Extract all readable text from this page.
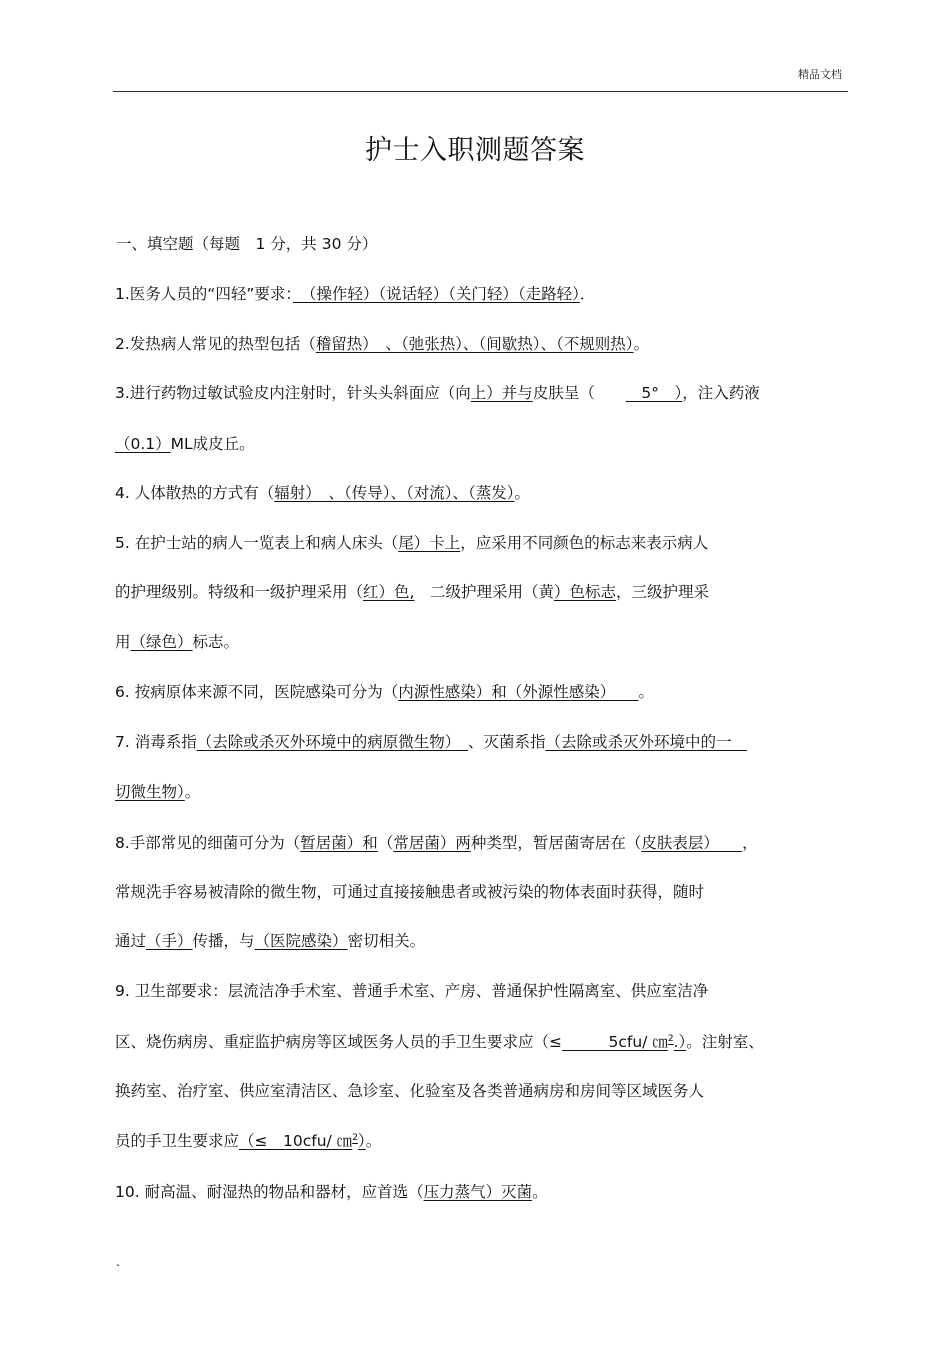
精品文档
护士入职测题答案
一、填空题（每题　1 分，共 30 分）
1.医务人员的“四轻”要求：　（操作轻）（说话轻）（关门轻）（走路轻）．
2.发热病人常见的热型包括（稽留热）　、（弛张热）、（间歇热）、（不规则热）。
3.进行药物过敏试验皮内注射时，针头头斜面应（向上）并与皮肤呈（　　　5°　），注入药液
（0.1）ML成皮丘。
4. 人体散热的方式有（辐射）　、（传导）、（对流）、（蒸发）。
5. 在护士站的病人一览表上和病人床头（尾）卡上，应采用不同颜色的标志来表示病人
的护理级别。特级和一级护理采用（红）色,　二级护理采用（黄）色标志，三级护理采
用（绿色）标志。
6. 按病原体来源不同，医院感染可分为（内源性感染）和（外源性感染）　　。
7. 消毒系指（去除或杀灭外环境中的病原微生物）　、灭菌系指（去除或杀灭外环境中的一　
切微生物）。
8.手部常见的细菌可分为（暂居菌）和（常居菌）两种类型，暂居菌寄居在（皮肤表层）　　，
常规洗手容易被清除的微生物，可通过直接接触患者或被污染的物体表面时获得，随时
通过（手）传播，与（医院感染）密切相关。
9. 卫生部要求：层流洁净手术室、普通手术室、产房、普通保护性隔离室、供应室洁净
区、烧伤病房、重症监护病房等区域医务人员的手卫生要求应（≤　　　5cfu/ ㎝$^2$.）。注射室、
换药室、治疗室、供应室清洁区、急诊室、化验室及各类普通病房和房间等区域医务人
员的手卫生要求应（≤　10cfu/ ㎝$^2$）。
10. 耐高温、耐湿热的物品和器材，应首选（压力蒸气）灭菌。
.
